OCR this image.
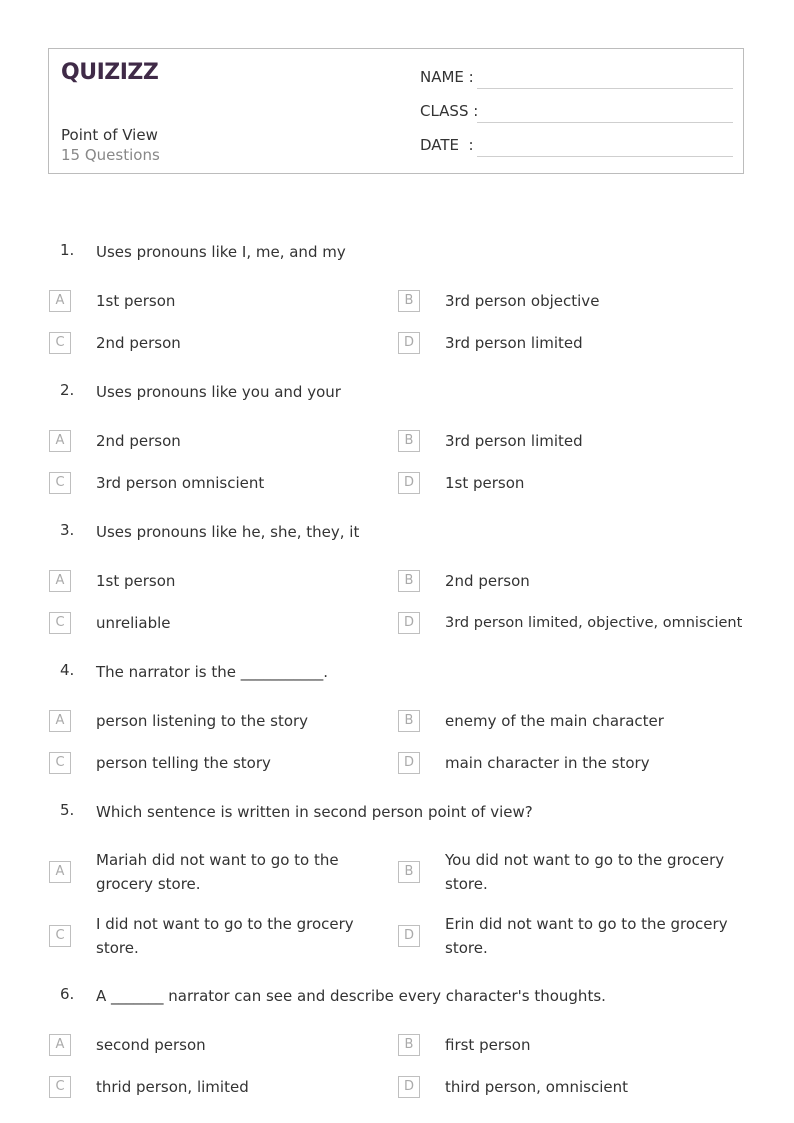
QUIZIZZ
Point of View
15 Questions
NAME :
CLASS :
DATE  :
1. Uses pronouns like I, me, and my
A	1st person	B	3rd person objective
C	2nd person	D	3rd person limited
2. Uses pronouns like you and your
A	2nd person	B	3rd person limited
C	3rd person omniscient	D	1st person
3. Uses pronouns like he, she, they, it
A	1st person	B	2nd person
C	unreliable	D	3rd person limited, objective, omniscient
4. The narrator is the ___________.
A	person listening to the story	B	enemy of the main character
C	person telling the story	D	main character in the story
5. Which sentence is written in second person point of view?
A
Mariah did not want to go to the grocery store.
B
You did not want to go to the grocery store.
C
I did not want to go to the grocery store.
D
Erin did not want to go to the grocery store.
6. A _______ narrator can see and describe every character's thoughts.
A	second person	B	first person
C	thrid person, limited	D	third person, omniscient
